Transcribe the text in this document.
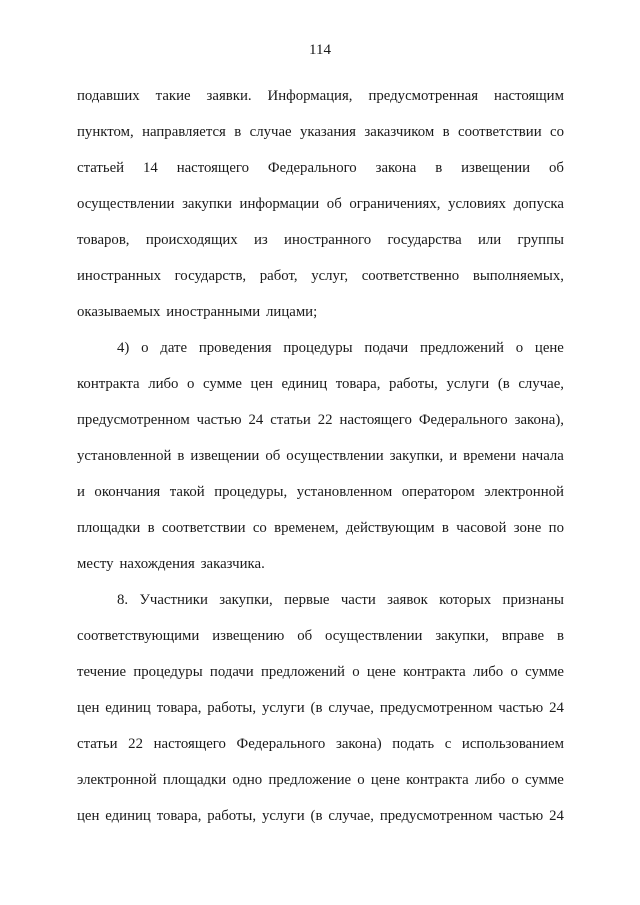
114
подавших такие заявки. Информация, предусмотренная настоящим
пунктом, направляется в случае указания заказчиком в соответствии со
статьей 14 настоящего Федерального закона в извещении об
осуществлении закупки информации об ограничениях, условиях допуска
товаров, происходящих из иностранного государства или группы
иностранных государств, работ, услуг, соответственно выполняемых,
оказываемых иностранными лицами;
4) о дате проведения процедуры подачи предложений о цене
контракта либо о сумме цен единиц товара, работы, услуги (в случае,
предусмотренном частью 24 статьи 22 настоящего Федерального закона),
установленной в извещении об осуществлении закупки, и времени начала
и окончания такой процедуры, установленном оператором электронной
площадки в соответствии со временем, действующим в часовой зоне по
месту нахождения заказчика.
8. Участники закупки, первые части заявок которых признаны
соответствующими извещению об осуществлении закупки, вправе в
течение процедуры подачи предложений о цене контракта либо о сумме
цен единиц товара, работы, услуги (в случае, предусмотренном частью 24
статьи 22 настоящего Федерального закона) подать с использованием
электронной площадки одно предложение о цене контракта либо о сумме
цен единиц товара, работы, услуги (в случае, предусмотренном частью 24
